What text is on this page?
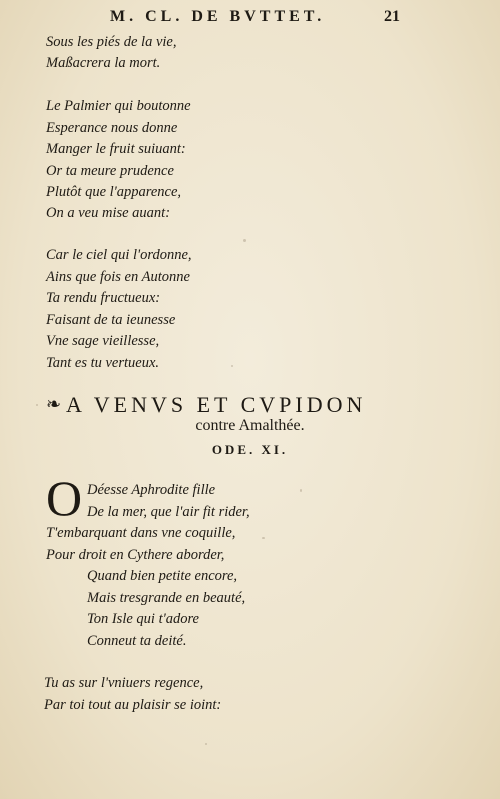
M. CL. DE BVTTET.	21
Sous les piés de la vie,
Maßacrera la mort.
Le Palmier qui boutonne
Esperance nous donne
Manger le fruit suiuant:
Or ta meure prudence
Plutôt que l'apparence,
On a veu mise auant:
Car le ciel qui l'ordonne,
Ains que fois en Autonne
Ta rendu fructueux:
Faisant de ta ieunesse
Vne sage vieillesse,
Tant es tu vertueux.
❧ A VENVS ET CVPIDON
contre Amalthée.
ODE. XI.
O Déesse Aphrodite fille
De la mer, que l'air fit rider,
T'embarquant dans vne coquille,
Pour droit en Cythere aborder,
Quand bien petite encore,
Mais tresgrande en beauté,
Ton Isle qui t'adore
Conneut ta deité.
Tu as sur l'vniuers regence,
Par toi tout au plaisir se ioint:
